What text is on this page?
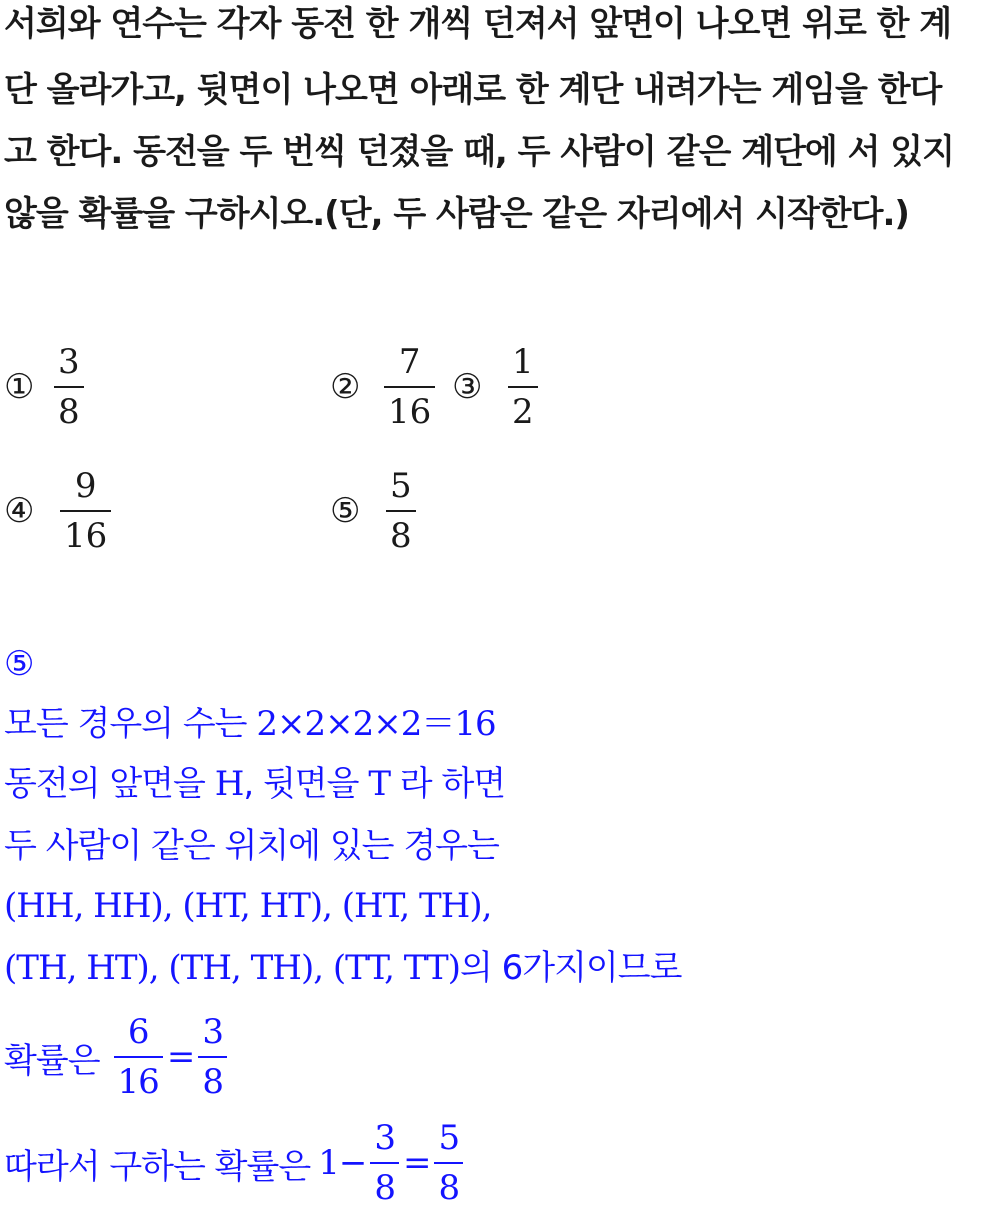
서희와 연수는 각자 동전 한 개씩 던져서 앞면이 나오면 위로 한 계
단 올라가고, 뒷면이 나오면 아래로 한 계단 내려가는 게임을 한다
고 한다. 동전을 두 번씩 던졌을 때, 두 사람이 같은 계단에 서 있지
않을 확률을 구하시오.(단, 두 사람은 같은 자리에서 시작한다.)
① $\frac{3}{8}$	② $\frac{7}{16}$ ③ $\frac{1}{2}$
④ $\frac{9}{16}$	⑤ $\frac{5}{8}$
⑤
모든 경우의 수는 2×2×2×2＝16
동전의 앞면을 H, 뒷면을 T 라 하면
두 사람이 같은 위치에 있는 경우는
(HH, HH), (HT, HT), (HT, TH),
(TH, HT), (TH, TH), (TT, TT)의 6가지이므로
확률은 $\frac{6}{16} = \frac{3}{8}$
따라서 구하는 확률은 $1- \frac{3}{8} = \frac{5}{8}$
